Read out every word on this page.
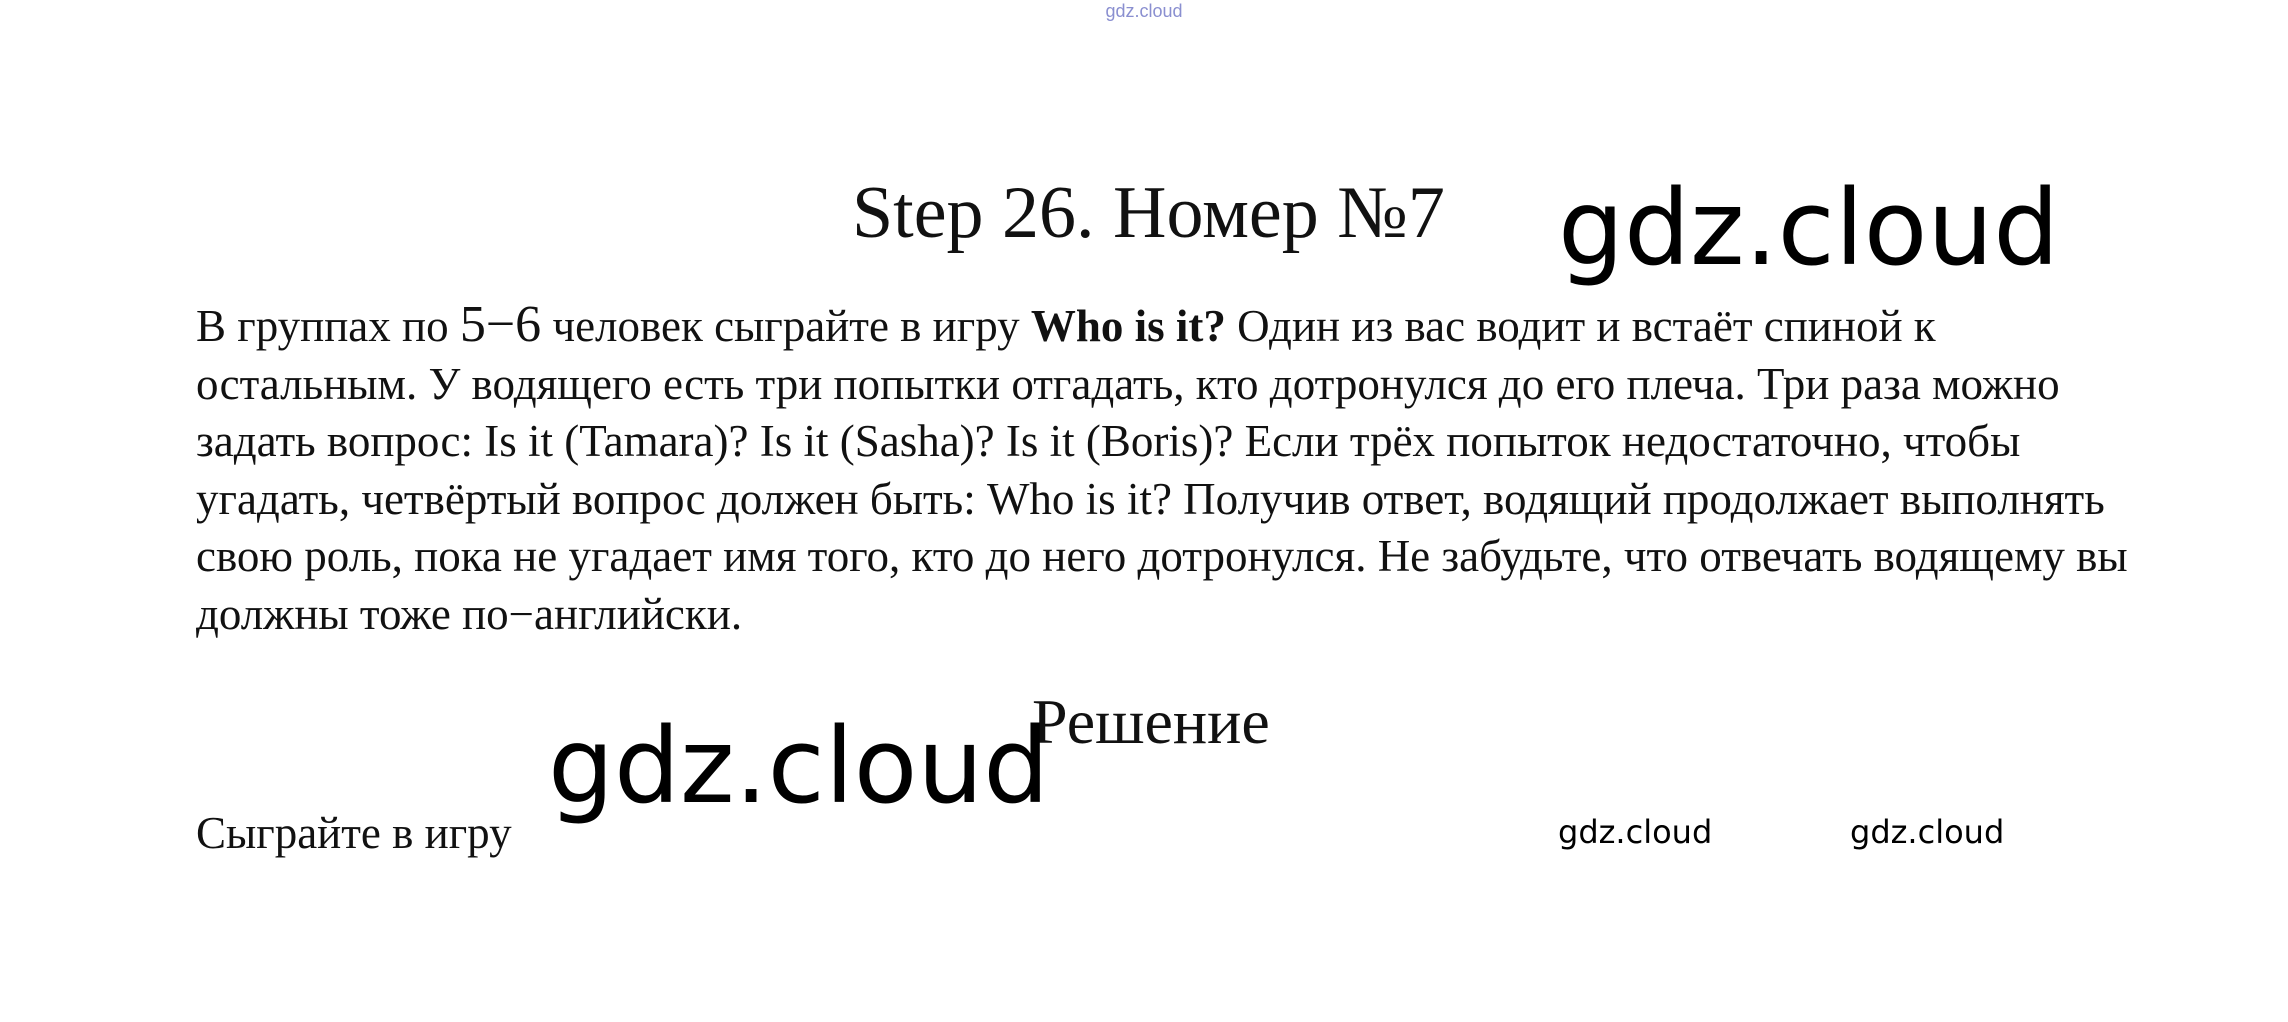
gdz.cloud
Step 26. Номер №7 gdz.cloud

В группах по 5−6 человек сыграйте в игру Who is it? Один из вас водит и встаёт спиной к остальным. У водящего есть три попытки отгадать, кто дотронулся до его плеча. Три раза можно задать вопрос: Is it (Tamara)? Is it (Sasha)? Is it (Boris)? Если трёх попыток недостаточно, чтобы угадать, четвёртый вопрос должен быть: Who is it? Получив ответ, водящий продолжает выполнять свою роль, пока не угадает имя того, кто до него дотронулся. Не забудьте, что отвечать водящему вы должны тоже по−английски.

Решение
gdz.cloud
Сыграйте в игру	gdz.cloud	gdz.cloud
